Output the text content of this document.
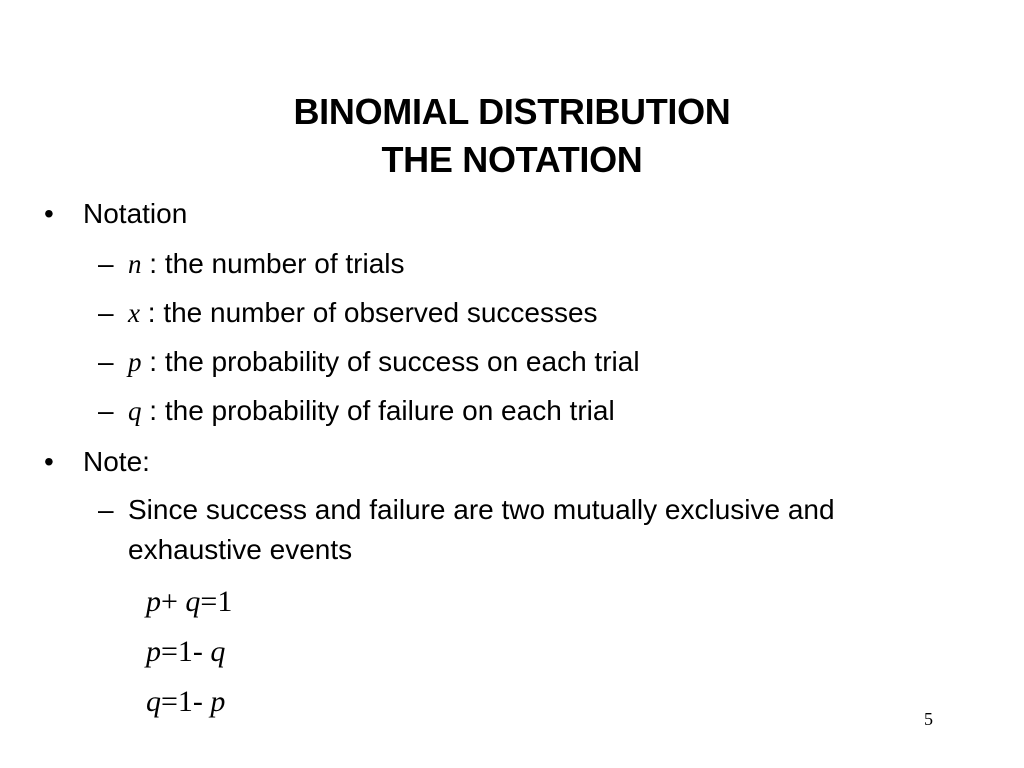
BINOMIAL DISTRIBUTION
THE NOTATION
• Notation
– n : the number of trials
– x : the number of observed successes
– p : the probability of success on each trial
– q : the probability of failure on each trial
• Note:
– Since success and failure are two mutually exclusive and exhaustive events
p+ q=1
p=1- q
q=1- p
5
